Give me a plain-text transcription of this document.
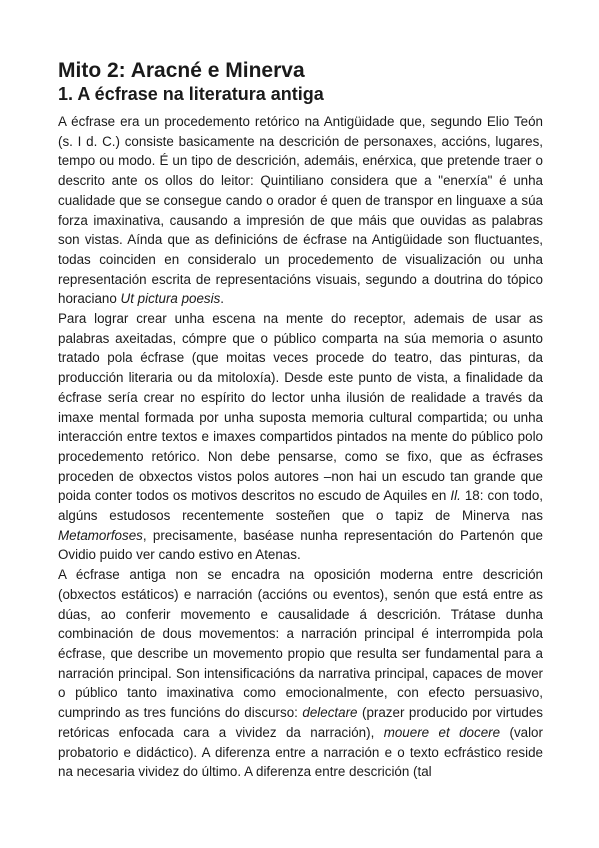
Mito 2: Aracné e Minerva
1. A écfrase na literatura antiga

A écfrase era un procedemento retórico na Antigüidade que, segundo Elio Teón (s. I d. C.) consiste basicamente na descrición de personaxes, accións, lugares, tempo ou modo. É un tipo de descrición, ademáis, enérxica, que pretende traer o descrito ante os ollos do leitor: Quintiliano considera que a "enerxía" é unha cualidade que se consegue cando o orador é quen de transpor en linguaxe a súa forza imaxinativa, causando a impresión de que máis que ouvidas as palabras son vistas. Aínda que as definicións de écfrase na Antigüidade son fluctuantes, todas coinciden en consideralo un procedemento de visualización ou unha representación escrita de representacións visuais, segundo a doutrina do tópico horaciano Ut pictura poesis.

Para lograr crear unha escena na mente do receptor, ademais de usar as palabras axeitadas, cómpre que o público comparta na súa memoria o asunto tratado pola écfrase (que moitas veces procede do teatro, das pinturas, da producción literaria ou da mitoloxía). Desde este punto de vista, a finalidade da écfrase sería crear no espírito do lector unha ilusión de realidade a través da imaxe mental formada por unha suposta memoria cultural compartida; ou unha interacción entre textos e imaxes compartidos pintados na mente do público polo procedemento retórico. Non debe pensarse, como se fixo, que as écfrases proceden de obxectos vistos polos autores –non hai un escudo tan grande que poida conter todos os motivos descritos no escudo de Aquiles en Il. 18: con todo, algúns estudosos recentemente sosteñen que o tapiz de Minerva nas Metamorfoses, precisamente, baséase nunha representación do Partenón que Ovidio puido ver cando estivo en Atenas.

A écfrase antiga non se encadra na oposición moderna entre descrición (obxectos estáticos) e narración (accións ou eventos), senón que está entre as dúas, ao conferir movemento e causalidade á descrición. Trátase dunha combinación de dous movementos: a narración principal é interrompida pola écfrase, que describe un movemento propio que resulta ser fundamental para a narración principal. Son intensificacións da narrativa principal, capaces de mover o público tanto imaxinativa como emocionalmente, con efecto persuasivo, cumprindo as tres funcións do discurso: delectare (prazer producido por virtudes retóricas enfocada cara a vividez da narración), mouere et docere (valor probatorio e didáctico). A diferenza entre a narración e o texto ecfrástico reside na necesaria vividez do último. A diferenza entre descrición (tal
